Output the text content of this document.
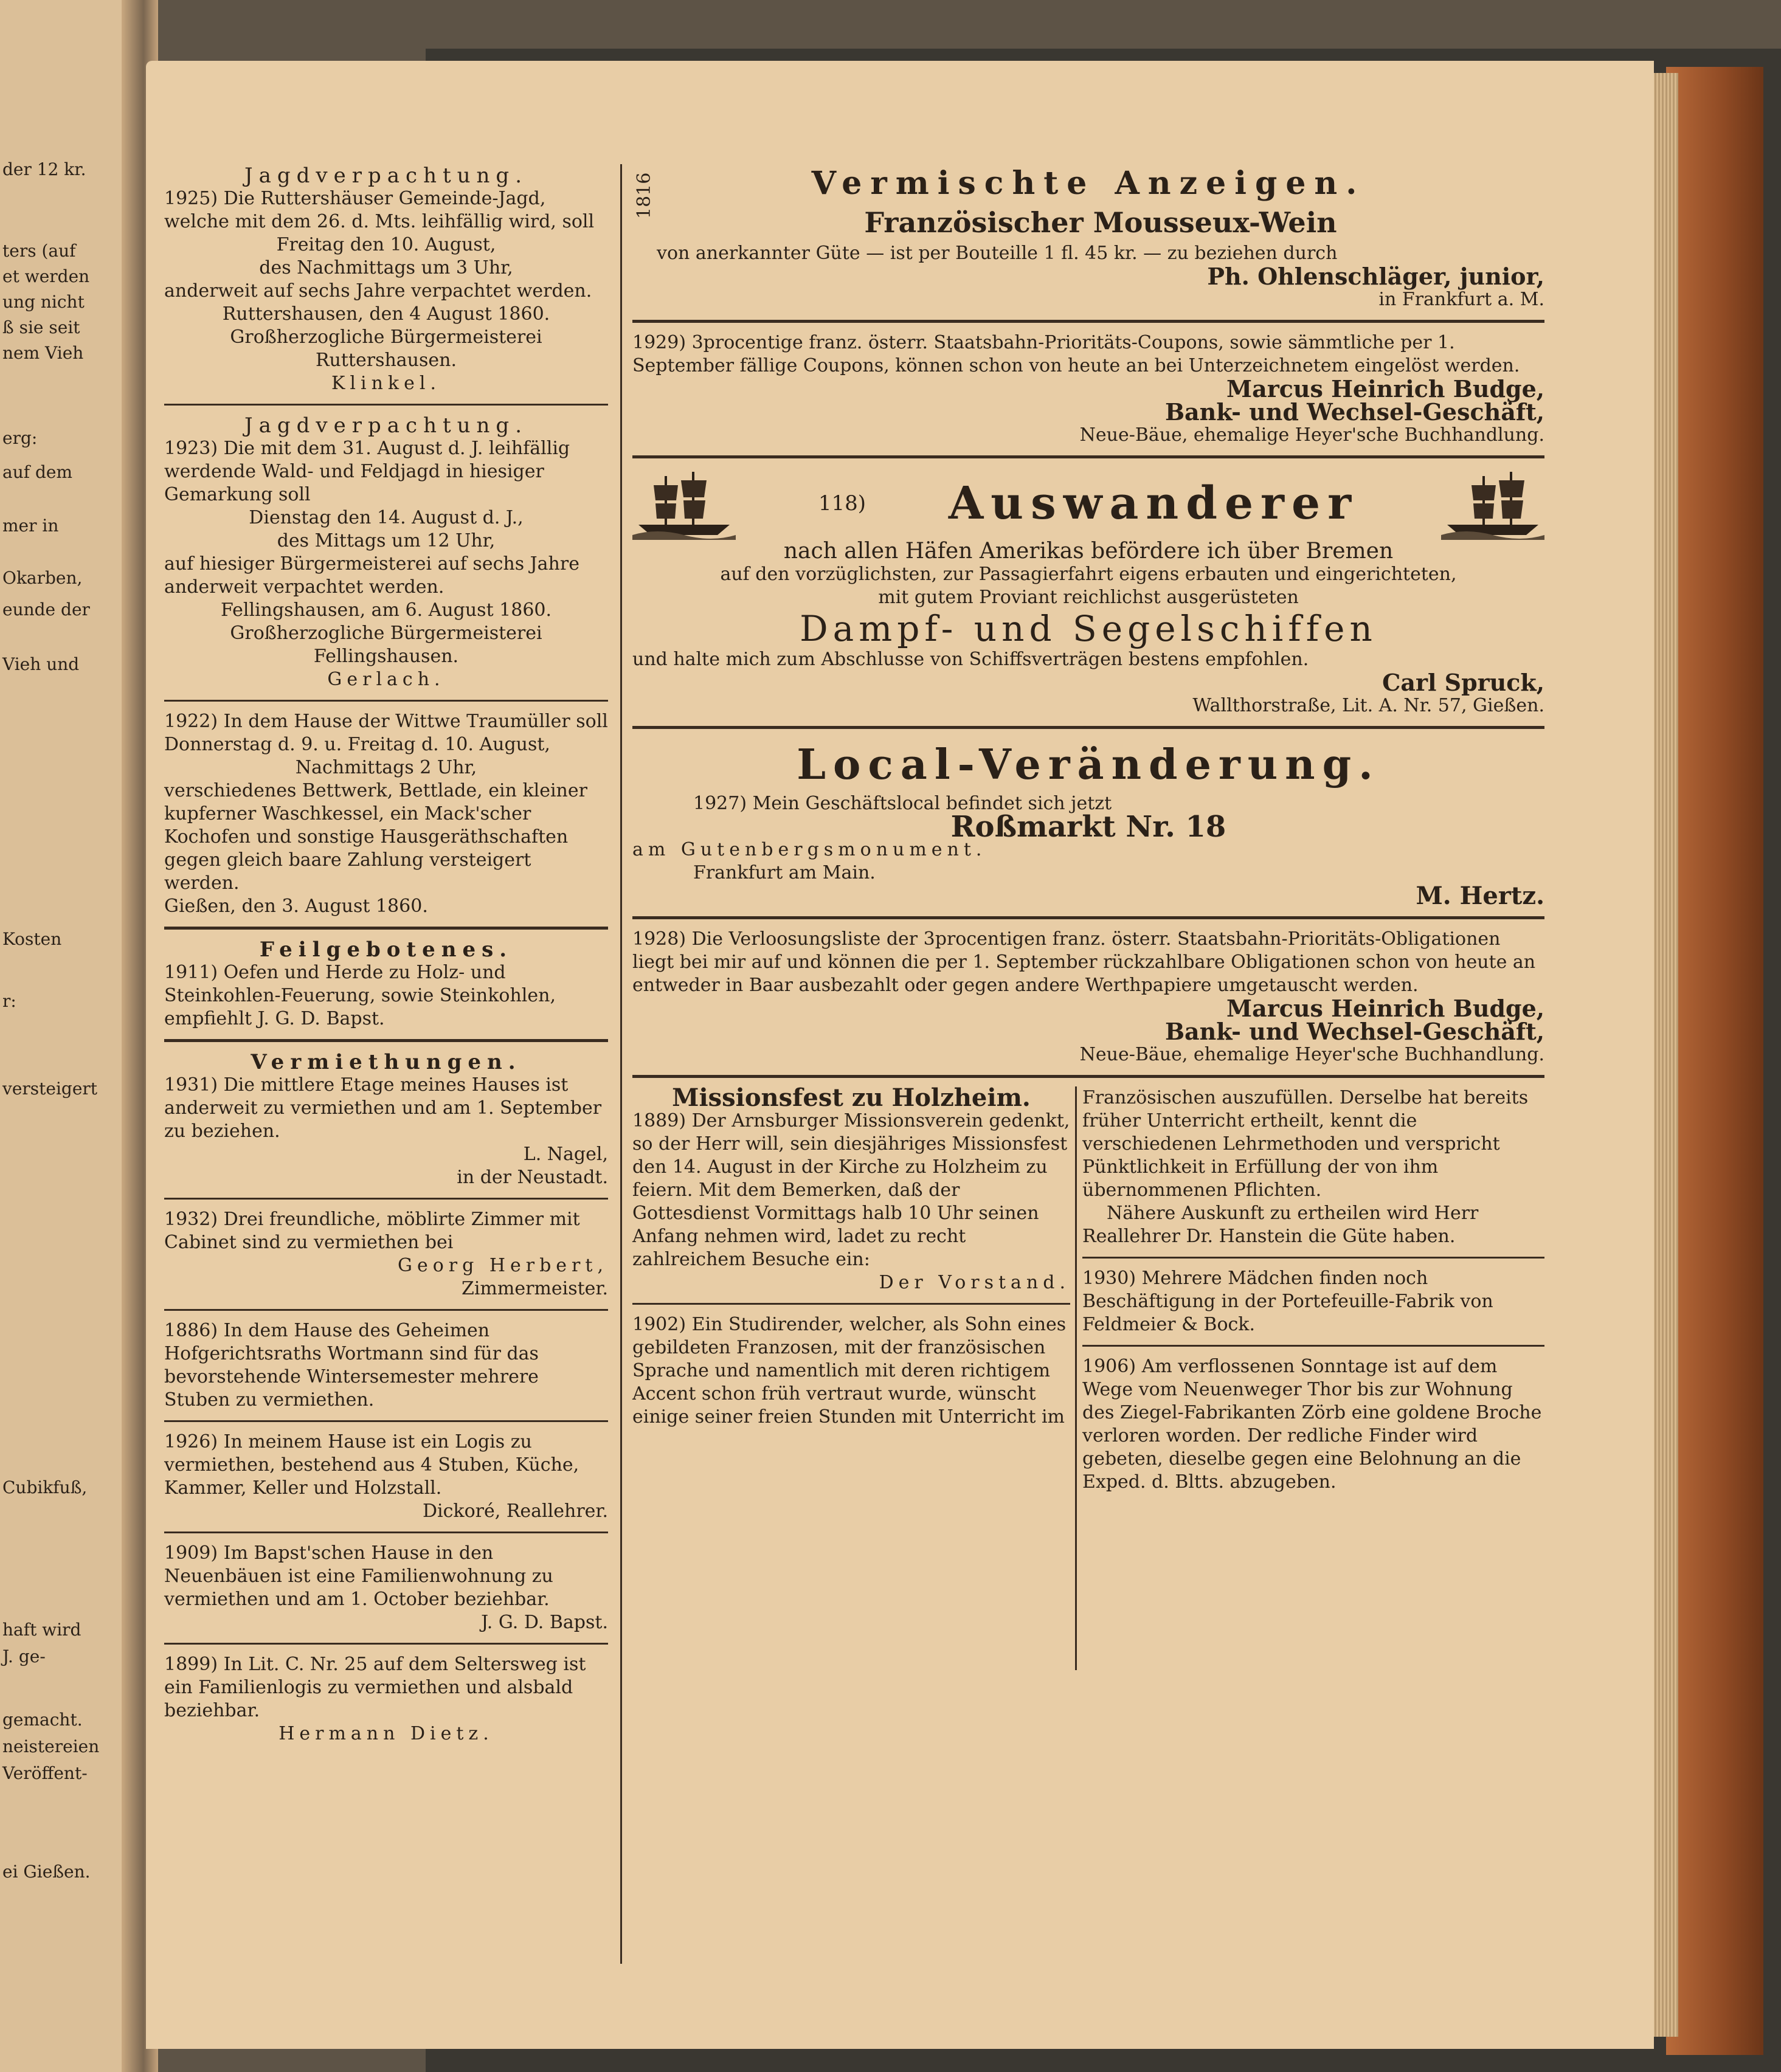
der 12 kr.
ters (auf
et werden
ung nicht
ß sie seit
nem Vieh
erg:
auf dem
mer in
Okarben,
eunde der
Vieh und
Kosten
r:
versteigert
Cubikfuß,
haft wird
J. ge-
gemacht.
neistereien
Veröffent-
ei Gießen.
Jagdverpachtung.
1925) Die Ruttershäuser Gemeinde-Jagd, welche mit dem 26. d. Mts. leihfällig wird, soll
Freitag den 10. August,
des Nachmittags um 3 Uhr,
anderweit auf sechs Jahre verpachtet werden.
Ruttershausen, den 4 August 1860.
Großherzogliche Bürgermeisterei
Ruttershausen.
Klinkel.
Jagdverpachtung.
1923) Die mit dem 31. August d. J. leihfällig werdende Wald- und Feldjagd in hiesiger Gemarkung soll
Dienstag den 14. August d. J.,
des Mittags um 12 Uhr,
auf hiesiger Bürgermeisterei auf sechs Jahre anderweit verpachtet werden.
Fellingshausen, am 6. August 1860.
Großherzogliche Bürgermeisterei
Fellingshausen.
Gerlach.
1922) In dem Hause der Wittwe Traumüller soll
Donnerstag d. 9. u. Freitag d. 10. August,
Nachmittags 2 Uhr,
verschiedenes Bettwerk, Bettlade, ein kleiner kupferner Waschkessel, ein Mack'scher Kochofen und sonstige Hausgeräthschaften gegen gleich baare Zahlung versteigert werden.
Gießen, den 3. August 1860.
Feilgebotenes.
1911) Oefen und Herde zu Holz- und Steinkohlen-Feuerung, sowie Steinkohlen, empfiehlt J. G. D. Bapst.
Vermiethungen.
1931) Die mittlere Etage meines Hauses ist anderweit zu vermiethen und am 1. September zu beziehen.
L. Nagel,
in der Neustadt.
1932) Drei freundliche, möblirte Zimmer mit Cabinet sind zu vermiethen bei
Georg Herbert,
Zimmermeister.
1886) In dem Hause des Geheimen Hofgerichtsraths Wortmann sind für das bevorstehende Wintersemester mehrere Stuben zu vermiethen.
1926) In meinem Hause ist ein Logis zu vermiethen, bestehend aus 4 Stuben, Küche, Kammer, Keller und Holzstall.
Dickoré, Reallehrer.
1909) Im Bapst'schen Hause in den Neuenbäuen ist eine Familienwohnung zu vermiethen und am 1. October beziehbar.
J. G. D. Bapst.
1899) In Lit. C. Nr. 25 auf dem Seltersweg ist ein Familienlogis zu vermiethen und alsbald beziehbar.
Hermann Dietz.
1816	Vermischte Anzeigen.
Französischer Mousseux-Wein
von anerkannter Güte — ist per Bouteille 1 fl. 45 kr. — zu beziehen durch
Ph. Ohlenschläger, junior,
in Frankfurt a. M.
1929) 3procentige franz. österr. Staatsbahn-Prioritäts-Coupons, sowie sämmtliche per 1. September fällige Coupons, können schon von heute an bei Unterzeichnetem eingelöst werden.
Marcus Heinrich Budge,
Bank- und Wechsel-Geschäft,
Neue-Bäue, ehemalige Heyer'sche Buchhandlung.
118) Auswanderer
nach allen Häfen Amerikas befördere ich über Bremen
auf den vorzüglichsten, zur Passagierfahrt eigens erbauten und eingerichteten,
mit gutem Proviant reichlichst ausgerüsteten
Dampf- und Segelschiffen
und halte mich zum Abschlusse von Schiffsverträgen bestens empfohlen.
Carl Spruck,
Wallthorstraße, Lit. A. Nr. 57, Gießen.
Local-Veränderung.
1927) Mein Geschäftslocal befindet sich jetzt
Roßmarkt Nr. 18
am Gutenbergsmonument.
Frankfurt am Main.
M. Hertz.
1928) Die Verloosungsliste der 3procentigen franz. österr. Staatsbahn-Prioritäts-Obligationen liegt bei mir auf und können die per 1. September rückzahlbare Obligationen schon von heute an entweder in Baar ausbezahlt oder gegen andere Werthpapiere umgetauscht werden.
Marcus Heinrich Budge,
Bank- und Wechsel-Geschäft,
Neue-Bäue, ehemalige Heyer'sche Buchhandlung.
Missionsfest zu Holzheim.
1889) Der Arnsburger Missionsverein gedenkt, so der Herr will, sein diesjähriges Missionsfest den 14. August in der Kirche zu Holzheim zu feiern. Mit dem Bemerken, daß der Gottesdienst Vormittags halb 10 Uhr seinen Anfang nehmen wird, ladet zu recht zahlreichem Besuche ein:
Der Vorstand.
1902) Ein Studirender, welcher, als Sohn eines gebildeten Franzosen, mit der französischen Sprache und namentlich mit deren richtigem Accent schon früh vertraut wurde, wünscht einige seiner freien Stunden mit Unterricht im
Französischen auszufüllen. Derselbe hat bereits früher Unterricht ertheilt, kennt die verschiedenen Lehrmethoden und verspricht Pünktlichkeit in Erfüllung der von ihm übernommenen Pflichten.
Nähere Auskunft zu ertheilen wird Herr Reallehrer Dr. Hanstein die Güte haben.
1930) Mehrere Mädchen finden noch Beschäftigung in der Portefeuille-Fabrik von Feldmeier & Bock.
1906) Am verflossenen Sonntage ist auf dem Wege vom Neuenweger Thor bis zur Wohnung des Ziegel-Fabrikanten Zörb eine goldene Broche verloren worden. Der redliche Finder wird gebeten, dieselbe gegen eine Belohnung an die Exped. d. Bltts. abzugeben.
